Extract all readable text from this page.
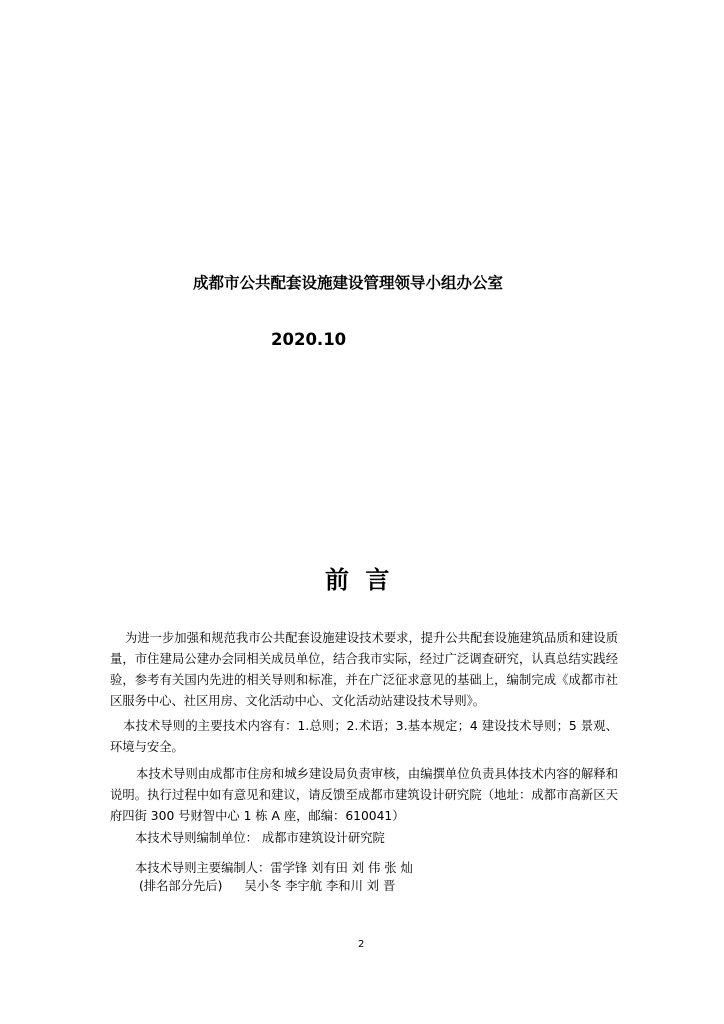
成都市公共配套设施建设管理领导小组办公室
2020.10
前 言
为进一步加强和规范我市公共配套设施建设技术要求，提升公共配套设施建筑品质和建设质量，市住建局公建办会同相关成员单位，结合我市实际，经过广泛调查研究，认真总结实践经验，参考有关国内先进的相关导则和标准，并在广泛征求意见的基础上，编制完成《成都市社区服务中心、社区用房、文化活动中心、文化活动站建设技术导则》。
本技术导则的主要技术内容有：1.总则；2.术语；3.基本规定；4 建设技术导则；5 景观、环境与安全。
本技术导则由成都市住房和城乡建设局负责审核，由编撰单位负责具体技术内容的解释和说明。执行过程中如有意见和建议，请反馈至成都市建筑设计研究院（地址：成都市高新区天府四街 300 号财智中心 1 栋 A 座，邮编：610041）
本技术导则编制单位： 成都市建筑设计研究院
本技术导则主要编制人：雷学锋 刘有田 刘 伟 张 灿
(排名部分先后) 吴小冬 李宇航 李和川 刘 晋
2
